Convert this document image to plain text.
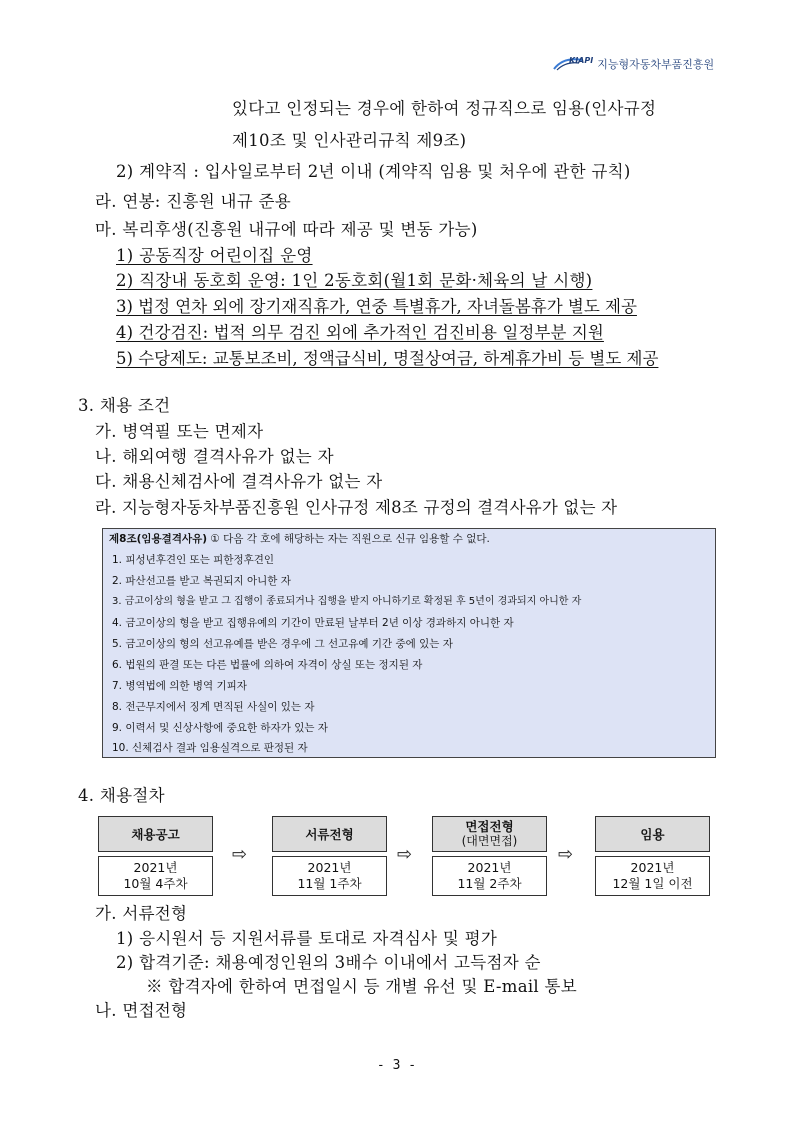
KIAPI 지능형자동차부품진흥원
있다고 인정되는 경우에 한하여 정규직으로 임용(인사규정
제10조 및 인사관리규칙 제9조)
2) 계약직 : 입사일로부터 2년 이내 (계약직 임용 및 처우에 관한 규칙)
라. 연봉: 진흥원 내규 준용
마. 복리후생(진흥원 내규에 따라 제공 및 변동 가능)
1) 공동직장 어린이집 운영
2) 직장내 동호회 운영: 1인 2동호회(월1회 문화·체육의 날 시행)
3) 법정 연차 외에 장기재직휴가, 연중 특별휴가, 자녀돌봄휴가 별도 제공
4) 건강검진: 법적 의무 검진 외에 추가적인 검진비용 일정부분 지원
5) 수당제도: 교통보조비, 정액급식비, 명절상여금, 하계휴가비 등 별도 제공
3. 채용 조건
가. 병역필 또는 면제자
나. 해외여행 결격사유가 없는 자
다. 채용신체검사에 결격사유가 없는 자
라. 지능형자동차부품진흥원 인사규정 제8조 규정의 결격사유가 없는 자
제8조(임용결격사유) ① 다음 각 호에 해당하는 자는 직원으로 신규 임용할 수 없다.
1. 피성년후견인 또는 피한정후견인
2. 파산선고를 받고 복권되지 아니한 자
3. 금고이상의 형을 받고 그 집행이 종료되거나 집행을 받지 아니하기로 확정된 후 5년이 경과되지 아니한 자
4. 금고이상의 형을 받고 집행유예의 기간이 만료된 날부터 2년 이상 경과하지 아니한 자
5. 금고이상의 형의 선고유예를 받은 경우에 그 선고유예 기간 중에 있는 자
6. 법원의 판결 또는 다른 법률에 의하여 자격이 상실 또는 정지된 자
7. 병역법에 의한 병역 기피자
8. 전근무지에서 징계 면직된 사실이 있는 자
9. 이력서 및 신상사항에 중요한 하자가 있는 자
10. 신체검사 결과 임용실격으로 판정된 자
4. 채용절차
채용공고
2021년
10월 4주차
⇨
서류전형
2021년
11월 1주차
⇨
면접전형
(대면면접)
2021년
11월 2주차
⇨
임용
2021년
12월 1일 이전
가. 서류전형
1) 응시원서 등 지원서류를 토대로 자격심사 및 평가
2) 합격기준: 채용예정인원의 3배수 이내에서 고득점자 순
※ 합격자에 한하여 면접일시 등 개별 유선 및 E-mail 통보
나. 면접전형
- 3 -
